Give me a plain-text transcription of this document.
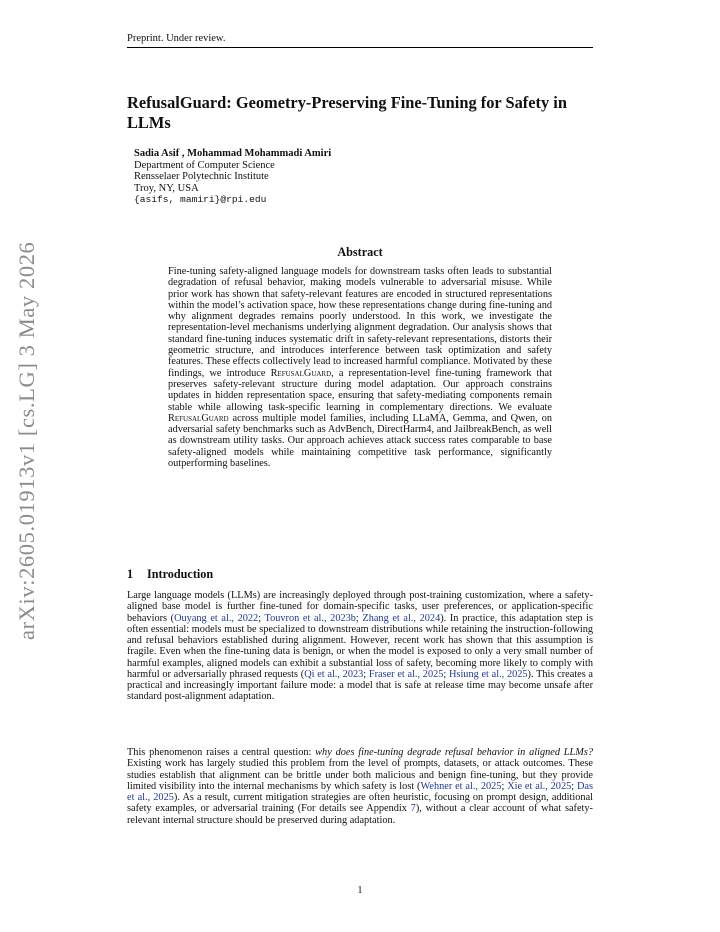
Preprint. Under review.
arXiv:2605.01913v1 [cs.LG] 3 May 2026
RefusalGuard: Geometry-Preserving Fine-Tuning for Safety in LLMs
Sadia Asif , Mohammad Mohammadi Amiri
Department of Computer Science
Rensselaer Polytechnic Institute
Troy, NY, USA
{asifs, mamiri}@rpi.edu
Abstract

Fine-tuning safety-aligned language models for downstream tasks often leads to substantial degradation of refusal behavior, making models vulnerable to adversarial misuse. While prior work has shown that safety-relevant features are encoded in structured representations within the model’s activation space, how these representations change during fine-tuning and why alignment degrades remains poorly understood. In this work, we investigate the representation-level mechanisms underlying alignment degradation. Our analysis shows that standard fine-tuning induces systematic drift in safety-relevant representations, distorts their geometric structure, and introduces interference between task optimization and safety features. These effects collectively lead to increased harmful compliance. Motivated by these findings, we introduce RefusalGuard, a representation-level fine-tuning framework that preserves safety-relevant structure during model adaptation. Our approach constrains updates in hidden representation space, ensuring that safety-mediating components remain stable while allowing task-specific learning in complementary directions. We evaluate RefusalGuard across multiple model families, including LLaMA, Gemma, and Qwen, on adversarial safety benchmarks such as AdvBench, DirectHarm4, and JailbreakBench, as well as downstream utility tasks. Our approach achieves attack success rates comparable to base safety-aligned models while maintaining competitive task performance, significantly outperforming baselines.

1 Introduction

Large language models (LLMs) are increasingly deployed through post-training customization, where a safety-aligned base model is further fine-tuned for domain-specific tasks, user preferences, or application-specific behaviors (Ouyang et al., 2022; Touvron et al., 2023b; Zhang et al., 2024). In practice, this adaptation step is often essential: models must be specialized to downstream distributions while retaining the instruction-following and refusal behaviors established during alignment. However, recent work has shown that this assumption is fragile. Even when the fine-tuning data is benign, or when the model is exposed to only a very small number of harmful examples, aligned models can exhibit a substantial loss of safety, becoming more likely to comply with harmful or adversarially phrased requests (Qi et al., 2023; Fraser et al., 2025; Hsiung et al., 2025). This creates a practical and increasingly important failure mode: a model that is safe at release time may become unsafe after standard post-alignment adaptation.

This phenomenon raises a central question: why does fine-tuning degrade refusal behavior in aligned LLMs? Existing work has largely studied this problem from the level of prompts, datasets, or attack outcomes. These studies establish that alignment can be brittle under both malicious and benign fine-tuning, but they provide limited visibility into the internal mechanisms by which safety is lost (Wehner et al., 2025; Xie et al., 2025; Das et al., 2025). As a result, current mitigation strategies are often heuristic, focusing on prompt design, additional safety examples, or adversarial training (For details see Appendix 7), without a clear account of what safety-relevant internal structure should be preserved during adaptation.

1
